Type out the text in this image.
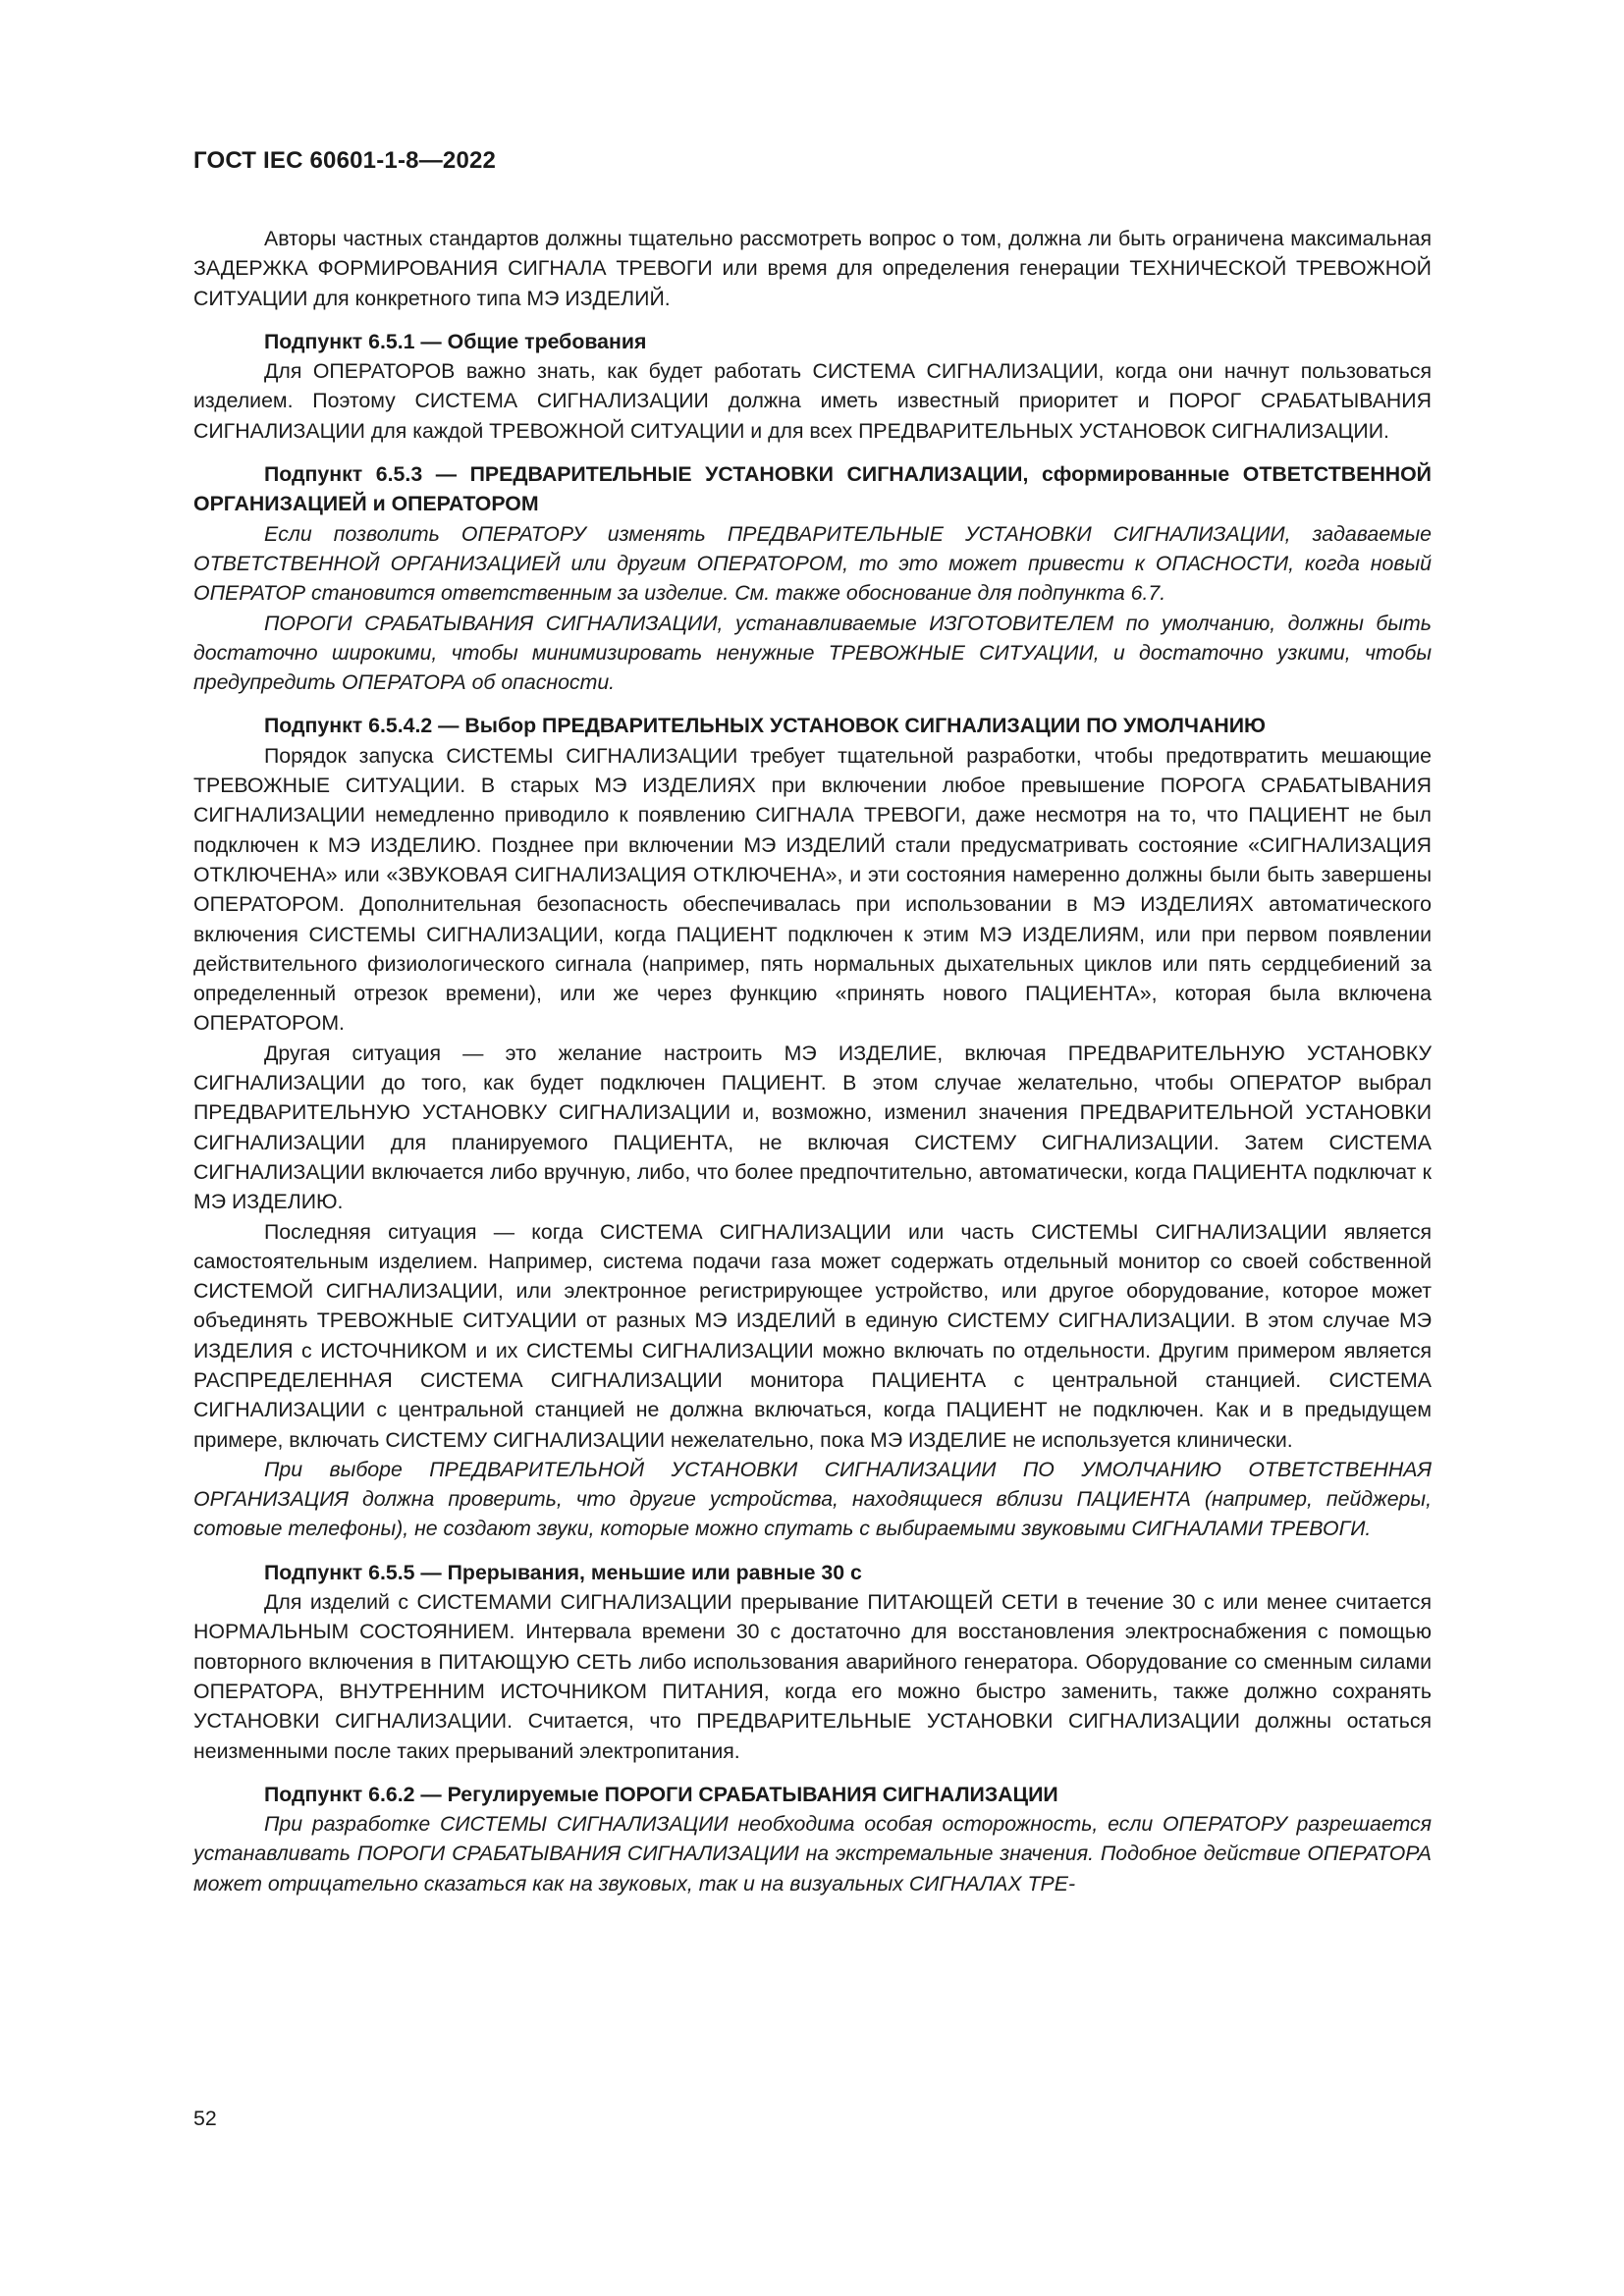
ГОСТ IEC 60601-1-8—2022

Авторы частных стандартов должны тщательно рассмотреть вопрос о том, должна ли быть ограничена максимальная ЗАДЕРЖКА ФОРМИРОВАНИЯ СИГНАЛА ТРЕВОГИ или время для определения генерации ТЕХНИЧЕСКОЙ ТРЕВОЖНОЙ СИТУАЦИИ для конкретного типа МЭ ИЗДЕЛИЙ.

Подпункт 6.5.1 — Общие требования

Для ОПЕРАТОРОВ важно знать, как будет работать СИСТЕМА СИГНАЛИЗАЦИИ, когда они начнут пользоваться изделием. Поэтому СИСТЕМА СИГНАЛИЗАЦИИ должна иметь известный приоритет и ПОРОГ СРАБАТЫВАНИЯ СИГНАЛИЗАЦИИ для каждой ТРЕВОЖНОЙ СИТУАЦИИ и для всех ПРЕДВАРИТЕЛЬНЫХ УСТАНОВОК СИГНАЛИЗАЦИИ.

Подпункт 6.5.3 — ПРЕДВАРИТЕЛЬНЫЕ УСТАНОВКИ СИГНАЛИЗАЦИИ, сформированные ОТВЕТСТВЕННОЙ ОРГАНИЗАЦИЕЙ и ОПЕРАТОРОМ

Если позволить ОПЕРАТОРУ изменять ПРЕДВАРИТЕЛЬНЫЕ УСТАНОВКИ СИГНАЛИЗАЦИИ, задаваемые ОТВЕТСТВЕННОЙ ОРГАНИЗАЦИЕЙ или другим ОПЕРАТОРОМ, то это может привести к ОПАСНОСТИ, когда новый ОПЕРАТОР становится ответственным за изделие. См. также обоснование для подпункта 6.7.

ПОРОГИ СРАБАТЫВАНИЯ СИГНАЛИЗАЦИИ, устанавливаемые ИЗГОТОВИТЕЛЕМ по умолчанию, должны быть достаточно широкими, чтобы минимизировать ненужные ТРЕВОЖНЫЕ СИТУАЦИИ, и достаточно узкими, чтобы предупредить ОПЕРАТОРА об опасности.

Подпункт 6.5.4.2 — Выбор ПРЕДВАРИТЕЛЬНЫХ УСТАНОВОК СИГНАЛИЗАЦИИ ПО УМОЛЧАНИЮ

Порядок запуска СИСТЕМЫ СИГНАЛИЗАЦИИ требует тщательной разработки, чтобы предотвратить мешающие ТРЕВОЖНЫЕ СИТУАЦИИ. В старых МЭ ИЗДЕЛИЯХ при включении любое превышение ПОРОГА СРАБАТЫВАНИЯ СИГНАЛИЗАЦИИ немедленно приводило к появлению СИГНАЛА ТРЕВОГИ, даже несмотря на то, что ПАЦИЕНТ не был подключен к МЭ ИЗДЕЛИЮ. Позднее при включении МЭ ИЗДЕЛИЙ стали предусматривать состояние «СИГНАЛИЗАЦИЯ ОТКЛЮЧЕНА» или «ЗВУКОВАЯ СИГНАЛИЗАЦИЯ ОТКЛЮЧЕНА», и эти состояния намеренно должны были быть завершены ОПЕРАТОРОМ. Дополнительная безопасность обеспечивалась при использовании в МЭ ИЗДЕЛИЯХ автоматического включения СИСТЕМЫ СИГНАЛИЗАЦИИ, когда ПАЦИЕНТ подключен к этим МЭ ИЗДЕЛИЯМ, или при первом появлении действительного физиологического сигнала (например, пять нормальных дыхательных циклов или пять сердцебиений за определенный отрезок времени), или же через функцию «принять нового ПАЦИЕНТА», которая была включена ОПЕРАТОРОМ.

Другая ситуация — это желание настроить МЭ ИЗДЕЛИЕ, включая ПРЕДВАРИТЕЛЬНУЮ УСТАНОВКУ СИГНАЛИЗАЦИИ до того, как будет подключен ПАЦИЕНТ. В этом случае желательно, чтобы ОПЕРАТОР выбрал ПРЕДВАРИТЕЛЬНУЮ УСТАНОВКУ СИГНАЛИЗАЦИИ и, возможно, изменил значения ПРЕДВАРИТЕЛЬНОЙ УСТАНОВКИ СИГНАЛИЗАЦИИ для планируемого ПАЦИЕНТА, не включая СИСТЕМУ СИГНАЛИЗАЦИИ. Затем СИСТЕМА СИГНАЛИЗАЦИИ включается либо вручную, либо, что более предпочтительно, автоматически, когда ПАЦИЕНТА подключат к МЭ ИЗДЕЛИЮ.

Последняя ситуация — когда СИСТЕМА СИГНАЛИЗАЦИИ или часть СИСТЕМЫ СИГНАЛИЗАЦИИ является самостоятельным изделием. Например, система подачи газа может содержать отдельный монитор со своей собственной СИСТЕМОЙ СИГНАЛИЗАЦИИ, или электронное регистрирующее устройство, или другое оборудование, которое может объединять ТРЕВОЖНЫЕ СИТУАЦИИ от разных МЭ ИЗДЕЛИЙ в единую СИСТЕМУ СИГНАЛИЗАЦИИ. В этом случае МЭ ИЗДЕЛИЯ с ИСТОЧНИКОМ и их СИСТЕМЫ СИГНАЛИЗАЦИИ можно включать по отдельности. Другим примером является РАСПРЕДЕЛЕННАЯ СИСТЕМА СИГНАЛИЗАЦИИ монитора ПАЦИЕНТА с центральной станцией. СИСТЕМА СИГНАЛИЗАЦИИ с центральной станцией не должна включаться, когда ПАЦИЕНТ не подключен. Как и в предыдущем примере, включать СИСТЕМУ СИГНАЛИЗАЦИИ нежелательно, пока МЭ ИЗДЕЛИЕ не используется клинически.

При выборе ПРЕДВАРИТЕЛЬНОЙ УСТАНОВКИ СИГНАЛИЗАЦИИ ПО УМОЛЧАНИЮ ОТВЕТСТВЕННАЯ ОРГАНИЗАЦИЯ должна проверить, что другие устройства, находящиеся вблизи ПАЦИЕНТА (например, пейджеры, сотовые телефоны), не создают звуки, которые можно спутать с выбираемыми звуковыми СИГНАЛАМИ ТРЕВОГИ.

Подпункт 6.5.5 — Прерывания, меньшие или равные 30 с

Для изделий с СИСТЕМАМИ СИГНАЛИЗАЦИИ прерывание ПИТАЮЩЕЙ СЕТИ в течение 30 с или менее считается НОРМАЛЬНЫМ СОСТОЯНИЕМ. Интервала времени 30 с достаточно для восстановления электроснабжения с помощью повторного включения в ПИТАЮЩУЮ СЕТЬ либо использования аварийного генератора. Оборудование со сменным силами ОПЕРАТОРА, ВНУТРЕННИМ ИСТОЧНИКОМ ПИТАНИЯ, когда его можно быстро заменить, также должно сохранять УСТАНОВКИ СИГНАЛИЗАЦИИ. Считается, что ПРЕДВАРИТЕЛЬНЫЕ УСТАНОВКИ СИГНАЛИЗАЦИИ должны остаться неизменными после таких прерываний электропитания.

Подпункт 6.6.2 — Регулируемые ПОРОГИ СРАБАТЫВАНИЯ СИГНАЛИЗАЦИИ

При разработке СИСТЕМЫ СИГНАЛИЗАЦИИ необходима особая осторожность, если ОПЕРАТОРУ разрешается устанавливать ПОРОГИ СРАБАТЫВАНИЯ СИГНАЛИЗАЦИИ на экстремальные значения. Подобное действие ОПЕРАТОРА может отрицательно сказаться как на звуковых, так и на визуальных СИГНАЛАХ ТРЕ-

52
